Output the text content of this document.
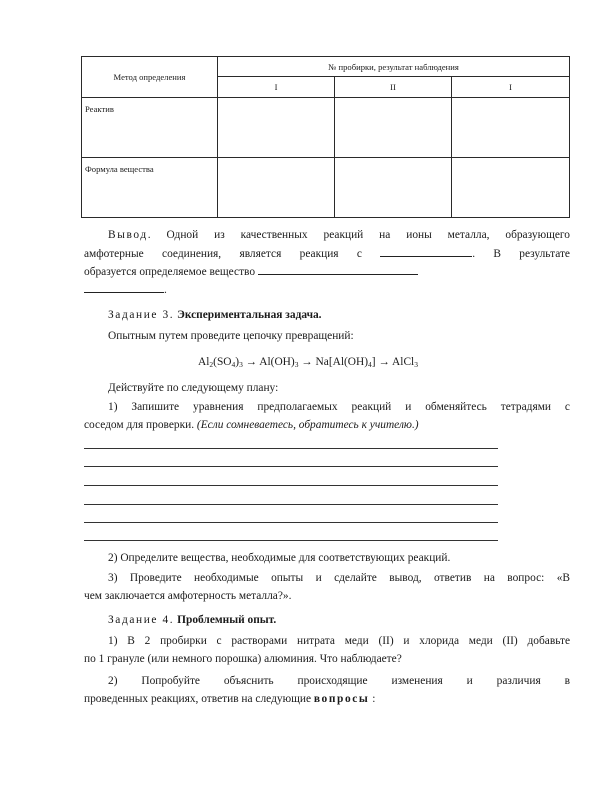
Метод определения	№ пробирки, результат наблюдения		
	I	II	I
Реактив			
Формула вещества			
Вывод. Одной из качественных реакций на ионы металла, образующего
амфотерные соединения, является реакция с	. В результате
образуется определяемое вещество
.
Задание 3. Экспериментальная задача.
Опытным путем проведите цепочку превращений:
$Al_2(SO_4)_3 \to Al(OH)_3 \to Na[Al(OH)_4]$ → AlCl$_3$
Действуйте по следующему плану:
1) Запишите уравнения предполагаемых реакций и обменяйтесь тетрадями с
соседом для проверки. (Если сомневаетесь, обратитесь к учителю.)
2) Определите вещества, необходимые для соответствующих реакций.
3) Проведите необходимые опыты и сделайте вывод, ответив на вопрос: «В
чем заключается амфотерность металла?».
Задание 4. Проблемный опыт.
1) В 2 пробирки с растворами нитрата меди (II) и хлорида меди (II) добавьте
по 1 грануле (или немного порошка) алюминия. Что наблюдаете?
2) Попробуйте объяснить происходящие изменения и различия в
проведенных реакциях, ответив на следующие вопросы :
